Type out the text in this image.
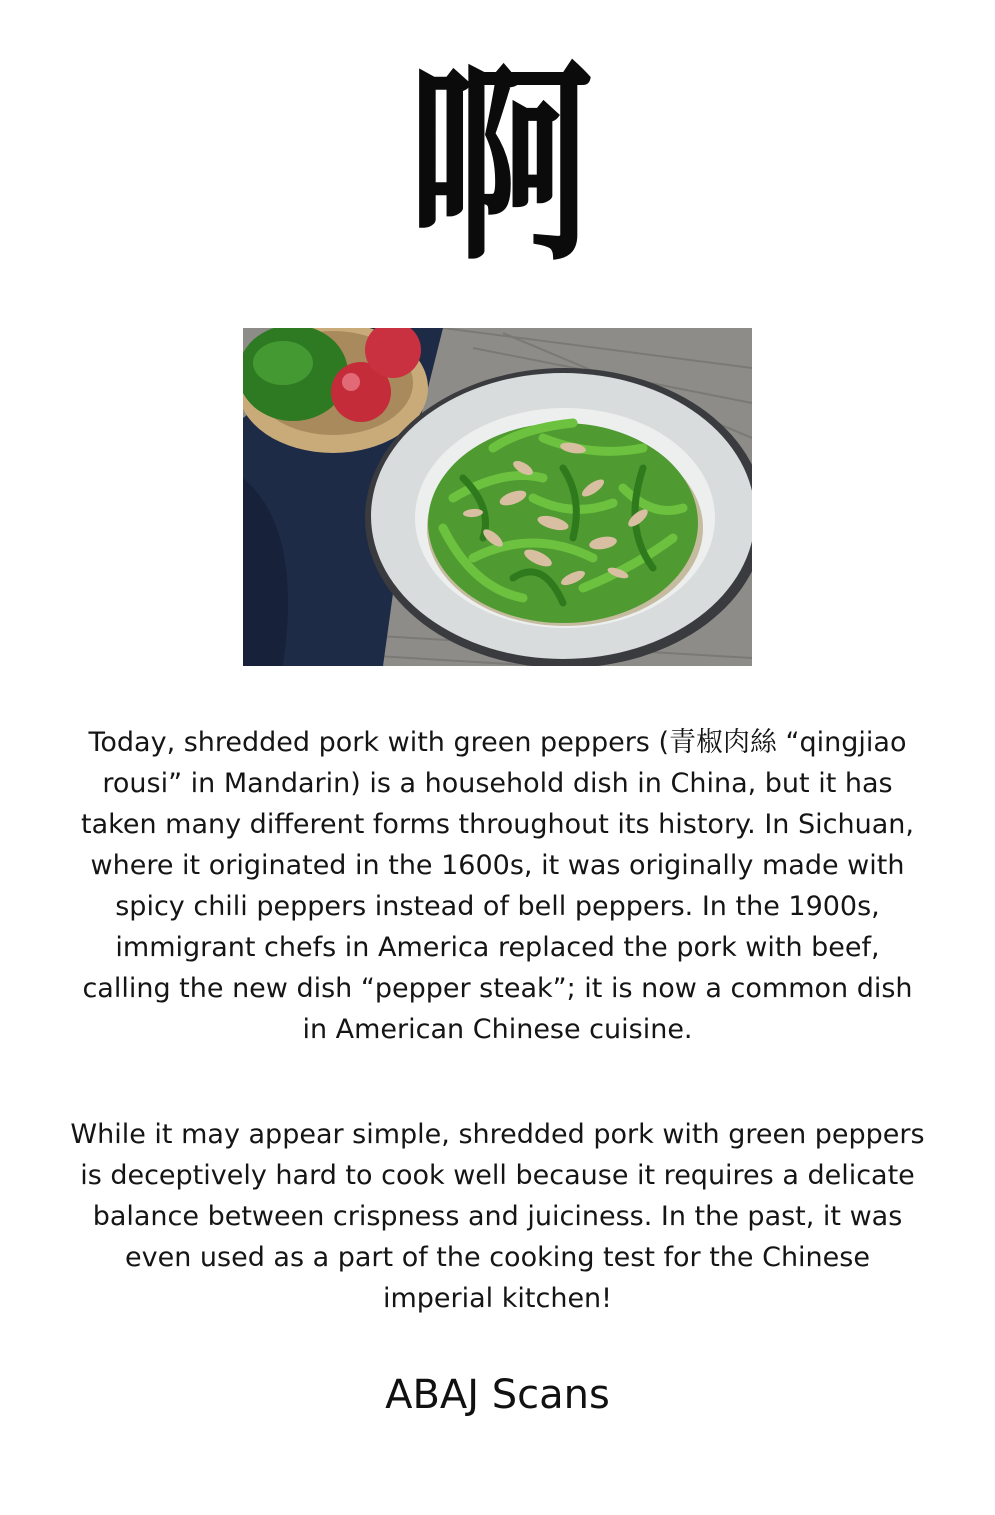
啊
Today, shredded pork with green peppers (青椒肉絲 “qingjiao rousi” in Mandarin) is a household dish in China, but it has taken many different forms throughout its history. In Sichuan, where it originated in the 1600s, it was originally made with spicy chili peppers instead of bell peppers. In the 1900s, immigrant chefs in America replaced the pork with beef, calling the new dish “pepper steak”; it is now a common dish in American Chinese cuisine.
While it may appear simple, shredded pork with green peppers is deceptively hard to cook well because it requires a delicate balance between crispness and juiciness. In the past, it was even used as a part of the cooking test for the Chinese imperial kitchen!
ABAJ Scans
